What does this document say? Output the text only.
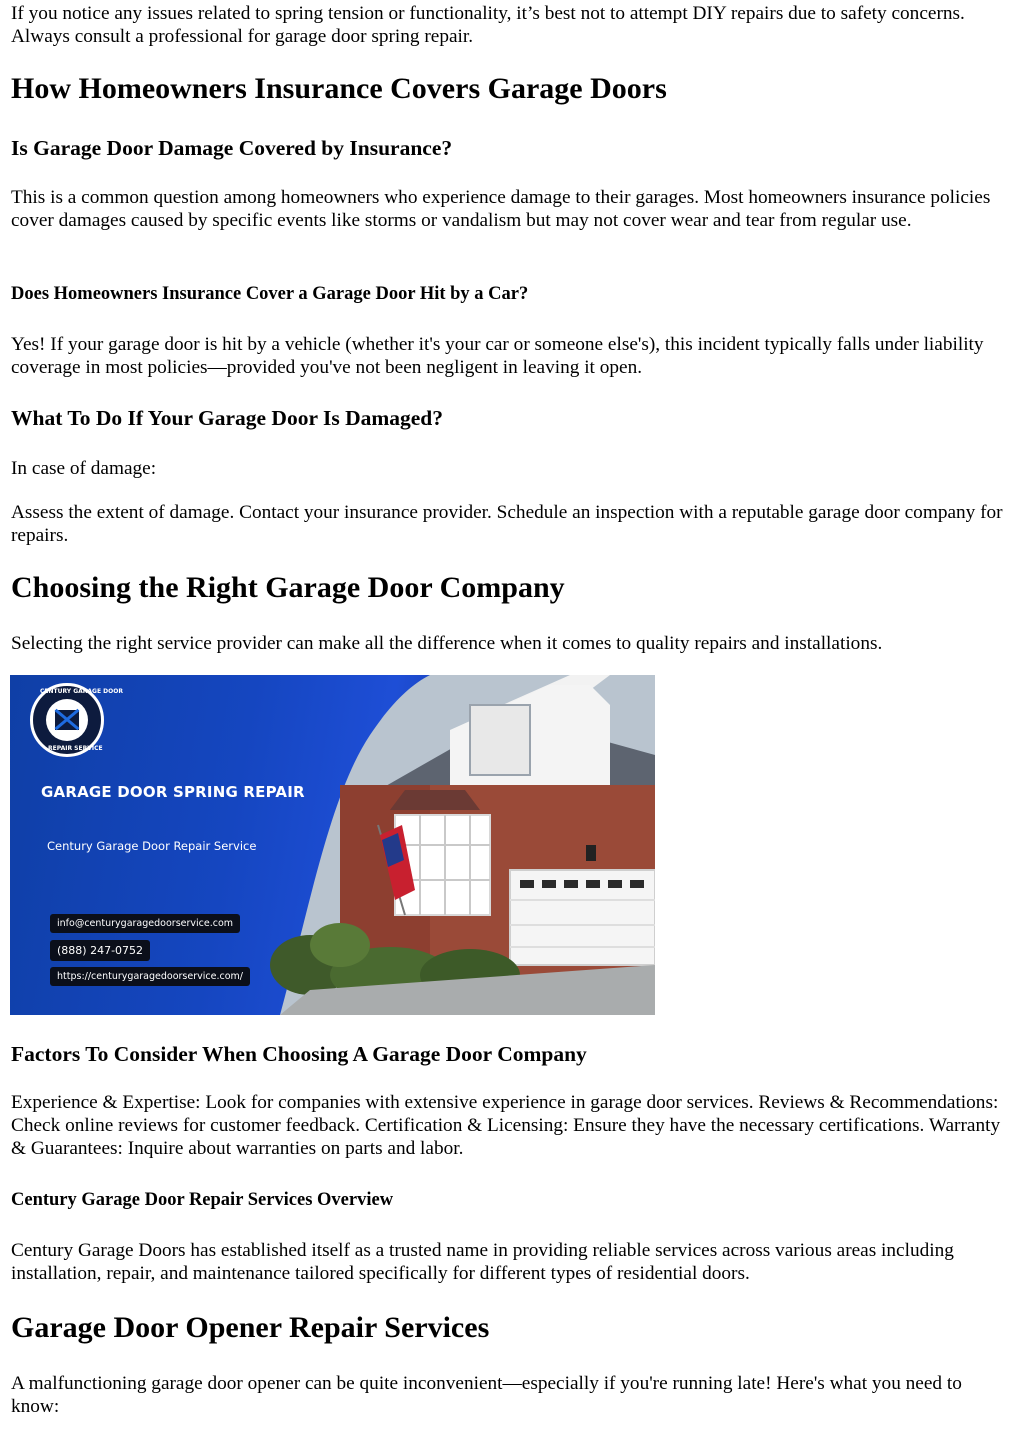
If you notice any issues related to spring tension or functionality, it’s best not to attempt DIY repairs due to safety concerns. Always consult a professional for garage door spring repair.

How Homeowners Insurance Covers Garage Doors
Is Garage Door Damage Covered by Insurance?

This is a common question among homeowners who experience damage to their garages. Most homeowners insurance policies cover damages caused by specific events like storms or vandalism but may not cover wear and tear from regular use.

Does Homeowners Insurance Cover a Garage Door Hit by a Car?

Yes! If your garage door is hit by a vehicle (whether it's your car or someone else's), this incident typically falls under liability coverage in most policies—provided you've not been negligent in leaving it open.

What To Do If Your Garage Door Is Damaged?

In case of damage:

Assess the extent of damage. Contact your insurance provider. Schedule an inspection with a reputable garage door company for repairs.

Choosing the Right Garage Door Company

Selecting the right service provider can make all the difference when it comes to quality repairs and installations.

CENTURY GARAGE DOOR
REPAIR SERVICE
GARAGE DOOR SPRING REPAIR
Century Garage Door Repair Service
info@centurygaragedoorservice.com
(888) 247-0752
https://centurygaragedoorservice.com/
Factors To Consider When Choosing A Garage Door Company

Experience & Expertise: Look for companies with extensive experience in garage door services. Reviews & Recommendations: Check online reviews for customer feedback. Certification & Licensing: Ensure they have the necessary certifications. Warranty & Guarantees: Inquire about warranties on parts and labor.

Century Garage Door Repair Services Overview

Century Garage Doors has established itself as a trusted name in providing reliable services across various areas including installation, repair, and maintenance tailored specifically for different types of residential doors.

Garage Door Opener Repair Services

A malfunctioning garage door opener can be quite inconvenient—especially if you're running late! Here's what you need to know:
